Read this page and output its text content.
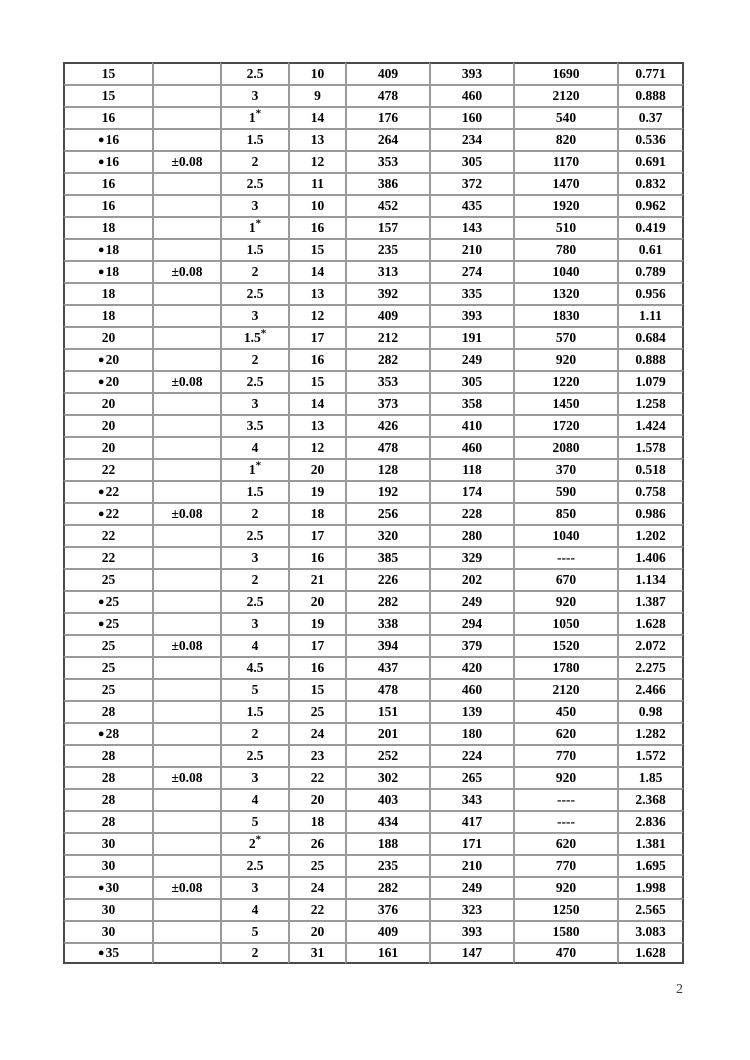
15		2.5	10	409	393	1690	0.771
15		3	9	478	460	2120	0.888
16		1*	14	176	160	540	0.37
●16		1.5	13	264	234	820	0.536
●16	±0.08	2	12	353	305	1170	0.691
16		2.5	11	386	372	1470	0.832
16		3	10	452	435	1920	0.962
18		1*	16	157	143	510	0.419
●18		1.5	15	235	210	780	0.61
●18	±0.08	2	14	313	274	1040	0.789
18		2.5	13	392	335	1320	0.956
18		3	12	409	393	1830	1.11
20		1.5*	17	212	191	570	0.684
●20		2	16	282	249	920	0.888
●20	±0.08	2.5	15	353	305	1220	1.079
20		3	14	373	358	1450	1.258
20		3.5	13	426	410	1720	1.424
20		4	12	478	460	2080	1.578
22		1*	20	128	118	370	0.518
●22		1.5	19	192	174	590	0.758
●22	±0.08	2	18	256	228	850	0.986
22		2.5	17	320	280	1040	1.202
22		3	16	385	329	----	1.406
25		2	21	226	202	670	1.134
●25		2.5	20	282	249	920	1.387
●25		3	19	338	294	1050	1.628
25	±0.08	4	17	394	379	1520	2.072
25		4.5	16	437	420	1780	2.275
25		5	15	478	460	2120	2.466
28		1.5	25	151	139	450	0.98
●28		2	24	201	180	620	1.282
28		2.5	23	252	224	770	1.572
28	±0.08	3	22	302	265	920	1.85
28		4	20	403	343	----	2.368
28		5	18	434	417	----	2.836
30		2*	26	188	171	620	1.381
30		2.5	25	235	210	770	1.695
●30	±0.08	3	24	282	249	920	1.998
30		4	22	376	323	1250	2.565
30		5	20	409	393	1580	3.083
●35		2	31	161	147	470	1.628
2
